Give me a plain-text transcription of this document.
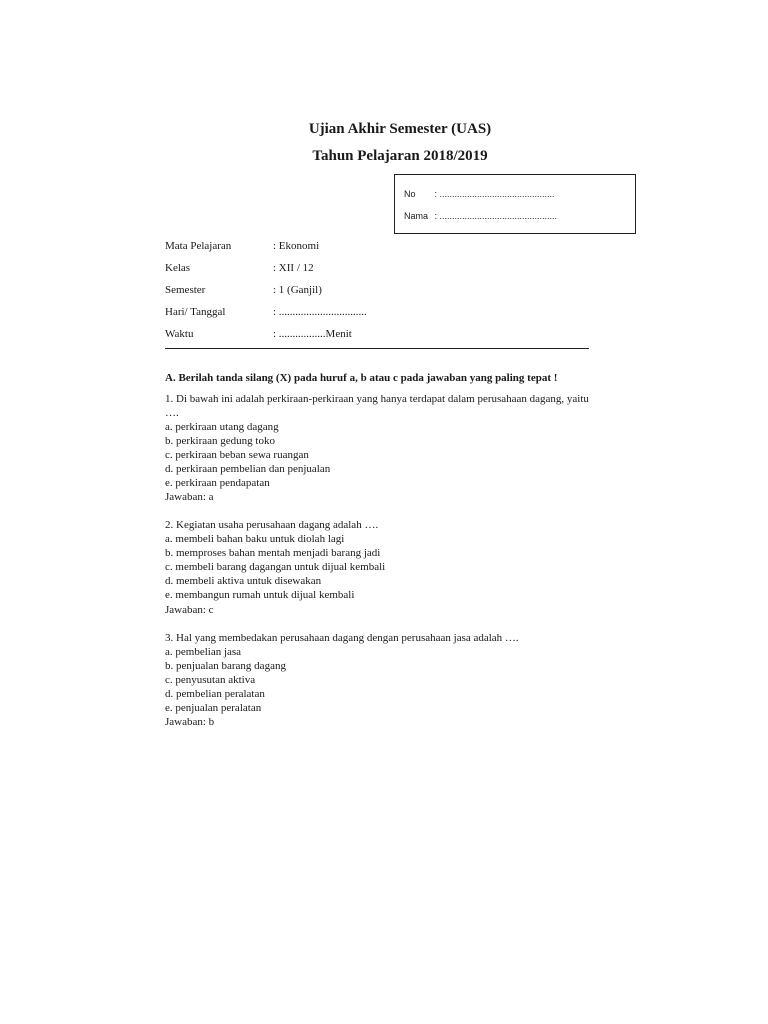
Ujian Akhir Semester (UAS)
Tahun Pelajaran 2018/2019
No : ..............................................
Nama : ...............................................
Mata Pelajaran	: Ekonomi
Kelas	: XII / 12
Semester	: 1 (Ganjil)
Hari/ Tanggal	: ................................
Waktu	: .................Menit
A. Berilah tanda silang (X) pada huruf a, b atau c pada jawaban yang paling tepat !
1. Di bawah ini adalah perkiraan-perkiraan yang hanya terdapat dalam perusahaan dagang, yaitu
….
a. perkiraan utang dagang
b. perkiraan gedung toko
c. perkiraan beban sewa ruangan
d. perkiraan pembelian dan penjualan
e. perkiraan pendapatan
Jawaban: a
2. Kegiatan usaha perusahaan dagang adalah ….
a. membeli bahan baku untuk diolah lagi
b. memproses bahan mentah menjadi barang jadi
c. membeli barang dagangan untuk dijual kembali
d. membeli aktiva untuk disewakan
e. membangun rumah untuk dijual kembali
Jawaban: c
3. Hal yang membedakan perusahaan dagang dengan perusahaan jasa adalah ….
a. pembelian jasa
b. penjualan barang dagang
c. penyusutan aktiva
d. pembelian peralatan
e. penjualan peralatan
Jawaban: b
